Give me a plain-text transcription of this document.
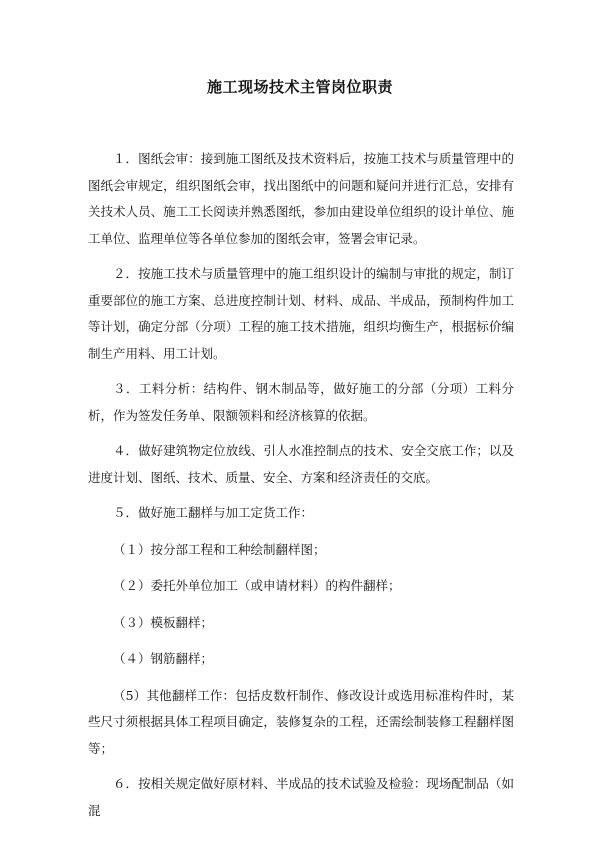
施工现场技术主管岗位职责

１．图纸会审：接到施工图纸及技术资料后，按施工技术与质量管理中的图纸会审规定，组织图纸会审，找出图纸中的问题和疑问并进行汇总，安排有关技术人员、施工工长阅读并熟悉图纸，参加由建设单位组织的设计单位、施工单位、监理单位等各单位参加的图纸会审，签署会审记录。

２．按施工技术与质量管理中的施工组织设计的编制与审批的规定，制订重要部位的施工方案、总进度控制计划、材料、成品、半成品，预制构件加工等计划，确定分部（分项）工程的施工技术措施，组织均衡生产，根据标价编制生产用料、用工计划。

３．工料分析：结构件、钢木制品等，做好施工的分部（分项）工料分析，作为签发任务单、限额领料和经济核算的依据。

４．做好建筑物定位放线、引人水准控制点的技术、安全交底工作；以及进度计划、图纸、技术、质量、安全、方案和经济责任的交底。

５．做好施工翻样与加工定货工作：

（１）按分部工程和工种绘制翻样图；

（２）委托外单位加工（或申请材料）的构件翻样；

（３）模板翻样；

（４）钢筋翻样；

（5）其他翻样工作：包括皮数杆制作、修改设计或选用标准构件时，某些尺寸须根据具体工程项目确定，装修复杂的工程，还需绘制装修工程翻样图等；

６．按相关规定做好原材料、半成品的技术试验及检验：现场配制品（如混
